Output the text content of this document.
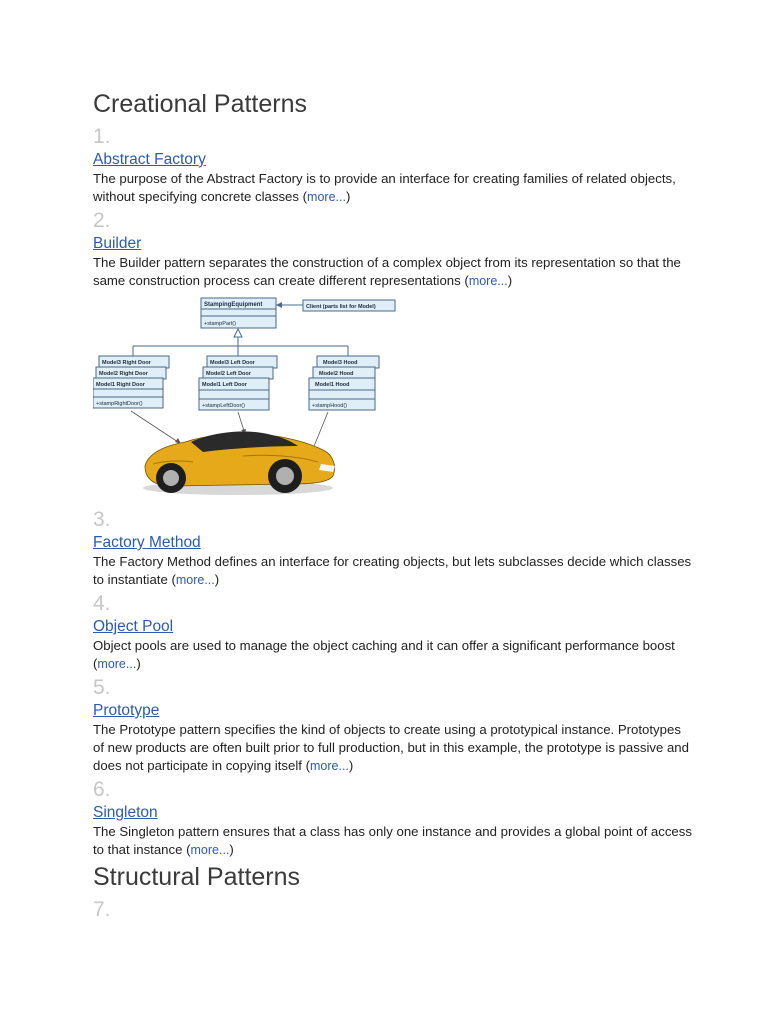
Creational Patterns

1.

Abstract Factory

The purpose of the Abstract Factory is to provide an interface for creating families of related objects, without specifying concrete classes (more...)

2.

Builder

The Builder pattern separates the construction of a complex object from its representation so that the same construction process can create different representations (more...)

StampingEquipment
+stampPart()
Client (parts list for Model)
Model3 Right Door
Model2 Right Door
Model1 Right Door
+stampRightDoor()
Model3 Left Door
Model2 Left Door
Model1 Left Door
+stampLeftDoor()
Model3 Hood
Model2 Hood
Model1 Hood
+stampHood()

3.

Factory Method

The Factory Method defines an interface for creating objects, but lets subclasses decide which classes to instantiate (more...)

4.

Object Pool

Object pools are used to manage the object caching and it can offer a significant performance boost (more...)

5.

Prototype

The Prototype pattern specifies the kind of objects to create using a prototypical instance. Prototypes of new products are often built prior to full production, but in this example, the prototype is passive and does not participate in copying itself (more...)

6.

Singleton

The Singleton pattern ensures that a class has only one instance and provides a global point of access to that instance (more...)

Structural Patterns

7.
